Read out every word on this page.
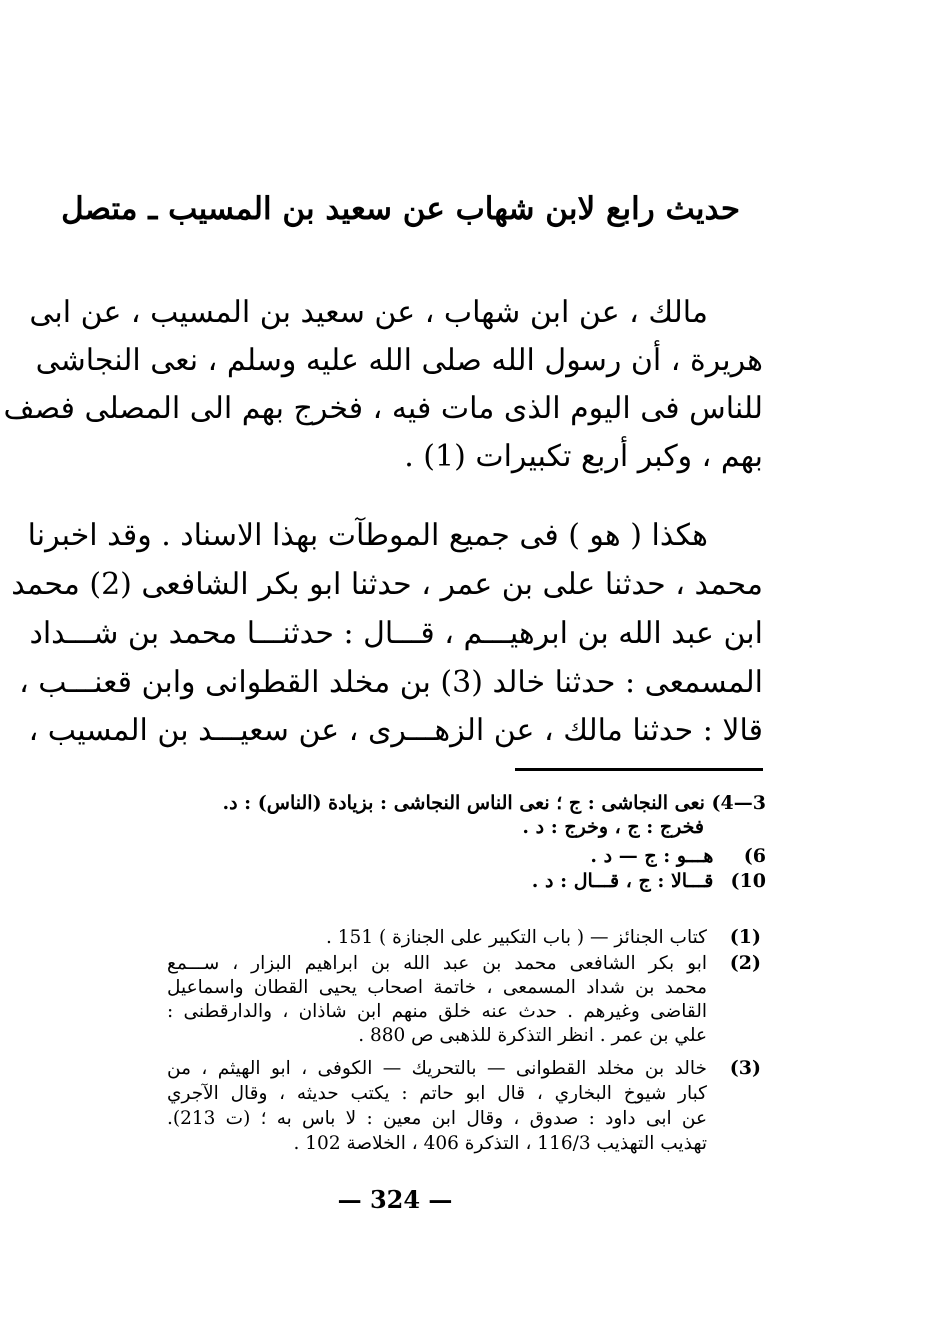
حديث رابع لابن شهاب عن سعيد بن المسيب ـ متصل
مالك ، عن ابن شهاب ، عن سعيد بن المسيب ، عن ابى
هريرة ، أن رسول الله صلى الله عليه وسلم ، نعى النجاشى
للناس فى اليوم الذى مات فيه ، فخرج بهم الى المصلى فصف
بهم ، وكبر أربع تكبيرات (1) .
هكذا ( هو ) فى جميع الموطآت بهذا الاسناد . وقد اخبرنا
محمد ، حدثنا على بن عمر ، حدثنا ابو بكر الشافعى (2) محمد
ابن عبد الله بن ابرهيـــم ، قـــال : حدثنـــا محمد بن شـــداد
المسمعى : حدثنا خالد (3) بن مخلد القطوانى وابن قعنـــب ،
قالا : حدثنا مالك ، عن الزهـــرى ، عن سعيـــد بن المسيب ،
3—4) نعى النجاشى : ج ؛ نعى الناس النجاشى : بزيادة (الناس) : د.
فخرج : ج ، وخرج : د .
6) هـــو : ج — د .
10) قـــالا : ج ، قـــال : د .
(1)
كتاب الجنائز — ( باب التكبير على الجنازة ) 151 .
(2)
ابو بكر الشافعى محمد بن عبد الله بن ابراهيم البزار ، ســـمع
محمد بن شداد المسمعى ، خاتمة اصحاب يحيى القطان واسماعيل
القاضى وغيرهم . حدث عنه خلق منهم ابن شاذان ، والدارقطنى :
علي بن عمر . انظر التذكرة للذهبى ص 880 .
(3)
خالد بن مخلد القطوانى — بالتحريك — الكوفى ، ابو الهيثم ، من
كبار شيوخ البخاري ، قال ابو حاتم : يكتب حديثه ، وقال الآجري
عن ابى داود : صدوق ، وقال ابن معين : لا باس به ؛ (ت 213).
تهذيب التهذيب 116/3 ، التذكرة 406 ، الخلاصة 102 .
— 324 —
